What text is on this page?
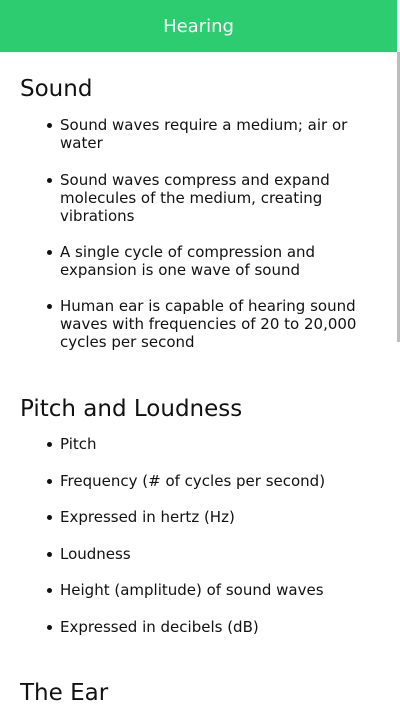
Hearing
Sound
Sound waves require a medium; air or water
Sound waves compress and expand molecules of the medium, creating vibrations
A single cycle of compression and expansion is one wave of sound
Human ear is capable of hearing sound waves with frequencies of 20 to 20,000 cycles per second
Pitch and Loudness
Pitch
Frequency (# of cycles per second)
Expressed in hertz (Hz)
Loudness
Height (amplitude) of sound waves
Expressed in decibels (dB)
The Ear
